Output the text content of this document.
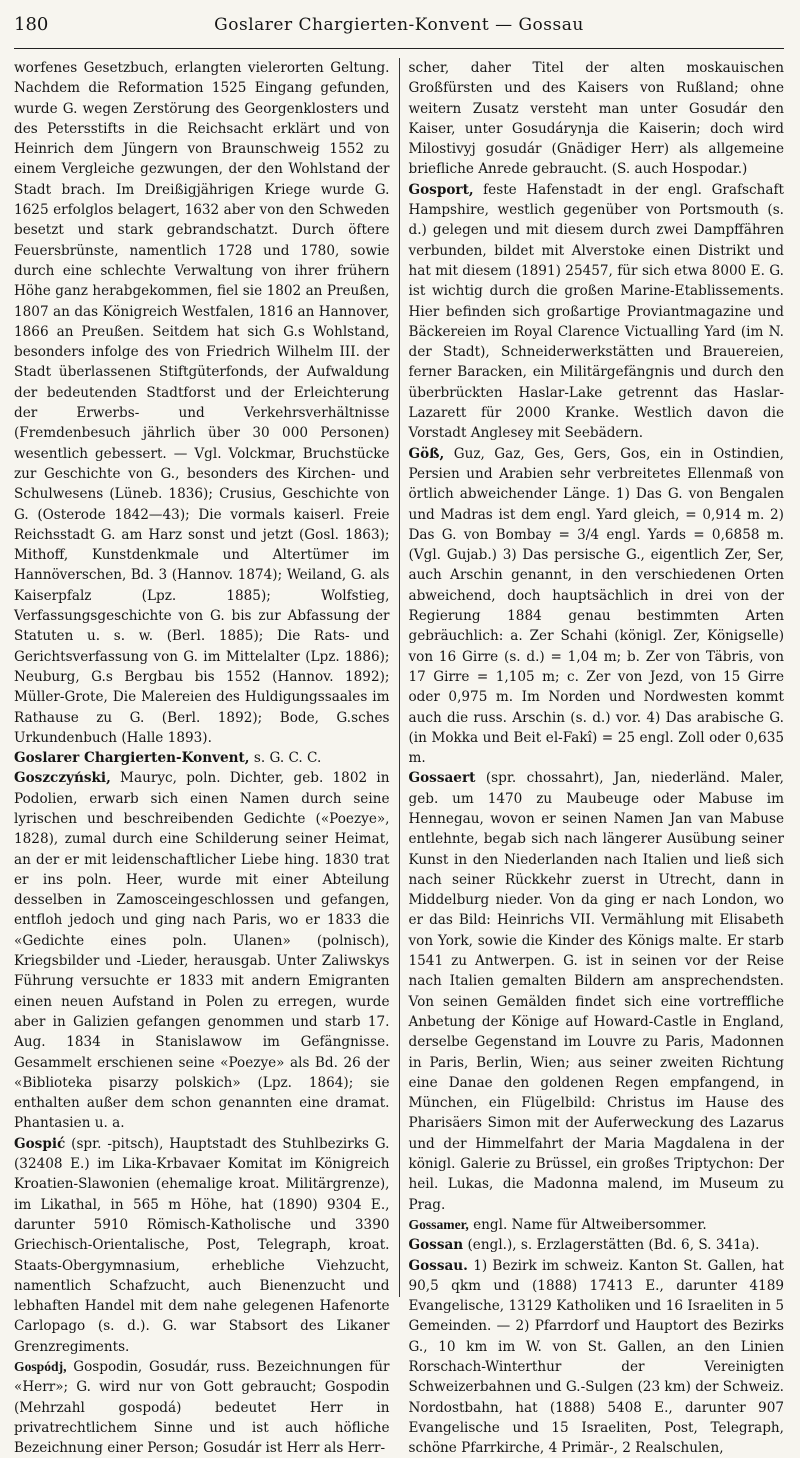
180	Goslarer Chargierten-Konvent — Gossau

worfenes Gesetzbuch, erlangten vielerorten Geltung. Nachdem die Reformation 1525 Eingang gefunden, wurde G. wegen Zerstörung des Georgenklosters und des Petersstifts in die Reichsacht erklärt und von Heinrich dem Jüngern von Braunschweig 1552 zu einem Vergleiche gezwungen, der den Wohlstand der Stadt brach. Im Dreißigjährigen Kriege wurde G. 1625 erfolglos belagert, 1632 aber von den Schweden besetzt und stark gebrandschatzt. Durch öftere Feuersbrünste, namentlich 1728 und 1780, sowie durch eine schlechte Verwaltung von ihrer frühern Höhe ganz herabgekommen, fiel sie 1802 an Preußen, 1807 an das Königreich Westfalen, 1816 an Hannover, 1866 an Preußen. Seitdem hat sich G.s Wohlstand, besonders infolge des von Friedrich Wilhelm III. der Stadt überlassenen Stiftgüterfonds, der Aufwaldung der bedeutenden Stadtforst und der Erleichterung der Erwerbs- und Verkehrsverhältnisse (Fremdenbesuch jährlich über 30 000 Personen) wesentlich gebessert. — Vgl. Volckmar, Bruchstücke zur Geschichte von G., besonders des Kirchen- und Schulwesens (Lüneb. 1836); Crusius, Geschichte von G. (Osterode 1842—43); Die vormals kaiserl. Freie Reichsstadt G. am Harz sonst und jetzt (Gosl. 1863); Mithoff, Kunstdenkmale und Altertümer im Hannöverschen, Bd. 3 (Hannov. 1874); Weiland, G. als Kaiserpfalz (Lpz. 1885); Wolfstieg, Verfassungsgeschichte von G. bis zur Abfassung der Statuten u. s. w. (Berl. 1885); Die Rats- und Gerichtsverfassung von G. im Mittelalter (Lpz. 1886); Neuburg, G.s Bergbau bis 1552 (Hannov. 1892); Müller-Grote, Die Malereien des Huldigungssaales im Rathause zu G. (Berl. 1892); Bode, G.sches Urkundenbuch (Halle 1893).

Goslarer Chargierten-Konvent, s. G. C. C.

Goszczyński, Mauryc, poln. Dichter, geb. 1802 in Podolien, erwarb sich einen Namen durch seine lyrischen und beschreibenden Gedichte («Poezye», 1828), zumal durch eine Schilderung seiner Heimat, an der er mit leidenschaftlicher Liebe hing. 1830 trat er ins poln. Heer, wurde mit einer Abteilung desselben in Zamosceingeschlossen und gefangen, entfloh jedoch und ging nach Paris, wo er 1833 die «Gedichte eines poln. Ulanen» (polnisch), Kriegsbilder und -Lieder, herausgab. Unter Zaliwskys Führung versuchte er 1833 mit andern Emigranten einen neuen Aufstand in Polen zu erregen, wurde aber in Galizien gefangen genommen und starb 17. Aug. 1834 in Stanislawow im Gefängnisse. Gesammelt erschienen seine «Poezye» als Bd. 26 der «Biblioteka pisarzy polskich» (Lpz. 1864); sie enthalten außer dem schon genannten eine dramat. Phantasien u. a.

Gospić (spr. -pitsch), Hauptstadt des Stuhlbezirks G. (32408 E.) im Lika-Krbavaer Komitat im Königreich Kroatien-Slawonien (ehemalige kroat. Militärgrenze), im Likathal, in 565 m Höhe, hat (1890) 9304 E., darunter 5910 Römisch-Katholische und 3390 Griechisch-Orientalische, Post, Telegraph, kroat. Staats-Obergymnasium, erhebliche Viehzucht, namentlich Schafzucht, auch Bienenzucht und lebhaften Handel mit dem nahe gelegenen Hafenorte Carlopago (s. d.). G. war Stabsort des Likaner Grenzregiments.

Gospódj, Gospodin, Gosudár, russ. Bezeichnungen für «Herr»; G. wird nur von Gott gebraucht; Gospodin (Mehrzahl gospodá) bedeutet Herr in privatrechtlichem Sinne und ist auch höfliche Bezeichnung einer Person; Gosudár ist Herr als Herr-

scher, daher Titel der alten moskauischen Großfürsten und des Kaisers von Rußland; ohne weitern Zusatz versteht man unter Gosudár den Kaiser, unter Gosudárynja die Kaiserin; doch wird Milostivyj gosudár (Gnädiger Herr) als allgemeine briefliche Anrede gebraucht. (S. auch Hospodar.)

Gosport, feste Hafenstadt in der engl. Grafschaft Hampshire, westlich gegenüber von Portsmouth (s. d.) gelegen und mit diesem durch zwei Dampffähren verbunden, bildet mit Alverstoke einen Distrikt und hat mit diesem (1891) 25457, für sich etwa 8000 E. G. ist wichtig durch die großen Marine-Etablissements. Hier befinden sich großartige Proviantmagazine und Bäckereien im Royal Clarence Victualling Yard (im N. der Stadt), Schneiderwerkstätten und Brauereien, ferner Baracken, ein Militärgefängnis und durch den überbrückten Haslar-Lake getrennt das Haslar-Lazarett für 2000 Kranke. Westlich davon die Vorstadt Anglesey mit Seebädern.

Göß, Guz, Gaz, Ges, Gers, Gos, ein in Ostindien, Persien und Arabien sehr verbreitetes Ellenmaß von örtlich abweichender Länge. 1) Das G. von Bengalen und Madras ist dem engl. Yard gleich, = 0,914 m. 2) Das G. von Bombay = 3/4 engl. Yards = 0,6858 m. (Vgl. Gujab.) 3) Das persische G., eigentlich Zer, Ser, auch Arschin genannt, in den verschiedenen Orten abweichend, doch hauptsächlich in drei von der Regierung 1884 genau bestimmten Arten gebräuchlich: a. Zer Schahi (königl. Zer, Königselle) von 16 Girre (s. d.) = 1,04 m; b. Zer von Täbris, von 17 Girre = 1,105 m; c. Zer von Jezd, von 15 Girre oder 0,975 m. Im Norden und Nordwesten kommt auch die russ. Arschin (s. d.) vor. 4) Das arabische G. (in Mokka und Beit el-Fakî) = 25 engl. Zoll oder 0,635 m.

Gossaert (spr. chossahrt), Jan, niederländ. Maler, geb. um 1470 zu Maubeuge oder Mabuse im Hennegau, wovon er seinen Namen Jan van Mabuse entlehnte, begab sich nach längerer Ausübung seiner Kunst in den Niederlanden nach Italien und ließ sich nach seiner Rückkehr zuerst in Utrecht, dann in Middelburg nieder. Von da ging er nach London, wo er das Bild: Heinrichs VII. Vermählung mit Elisabeth von York, sowie die Kinder des Königs malte. Er starb 1541 zu Antwerpen. G. ist in seinen vor der Reise nach Italien gemalten Bildern am ansprechendsten. Von seinen Gemälden findet sich eine vortreffliche Anbetung der Könige auf Howard-Castle in England, derselbe Gegenstand im Louvre zu Paris, Madonnen in Paris, Berlin, Wien; aus seiner zweiten Richtung eine Danae den goldenen Regen empfangend, in München, ein Flügelbild: Christus im Hause des Pharisäers Simon mit der Auferweckung des Lazarus und der Himmelfahrt der Maria Magdalena in der königl. Galerie zu Brüssel, ein großes Triptychon: Der heil. Lukas, die Madonna malend, im Museum zu Prag.

Gossamer, engl. Name für Altweibersommer.

Gossan (engl.), s. Erzlagerstätten (Bd. 6, S. 341a).

Gossau. 1) Bezirk im schweiz. Kanton St. Gallen, hat 90,5 qkm und (1888) 17413 E., darunter 4189 Evangelische, 13129 Katholiken und 16 Israeliten in 5 Gemeinden. — 2) Pfarrdorf und Hauptort des Bezirks G., 10 km im W. von St. Gallen, an den Linien Rorschach-Winterthur der Vereinigten Schweizerbahnen und G.-Sulgen (23 km) der Schweiz. Nordostbahn, hat (1888) 5408 E., darunter 907 Evangelische und 15 Israeliten, Post, Telegraph, schöne Pfarrkirche, 4 Primär-, 2 Realschulen,
